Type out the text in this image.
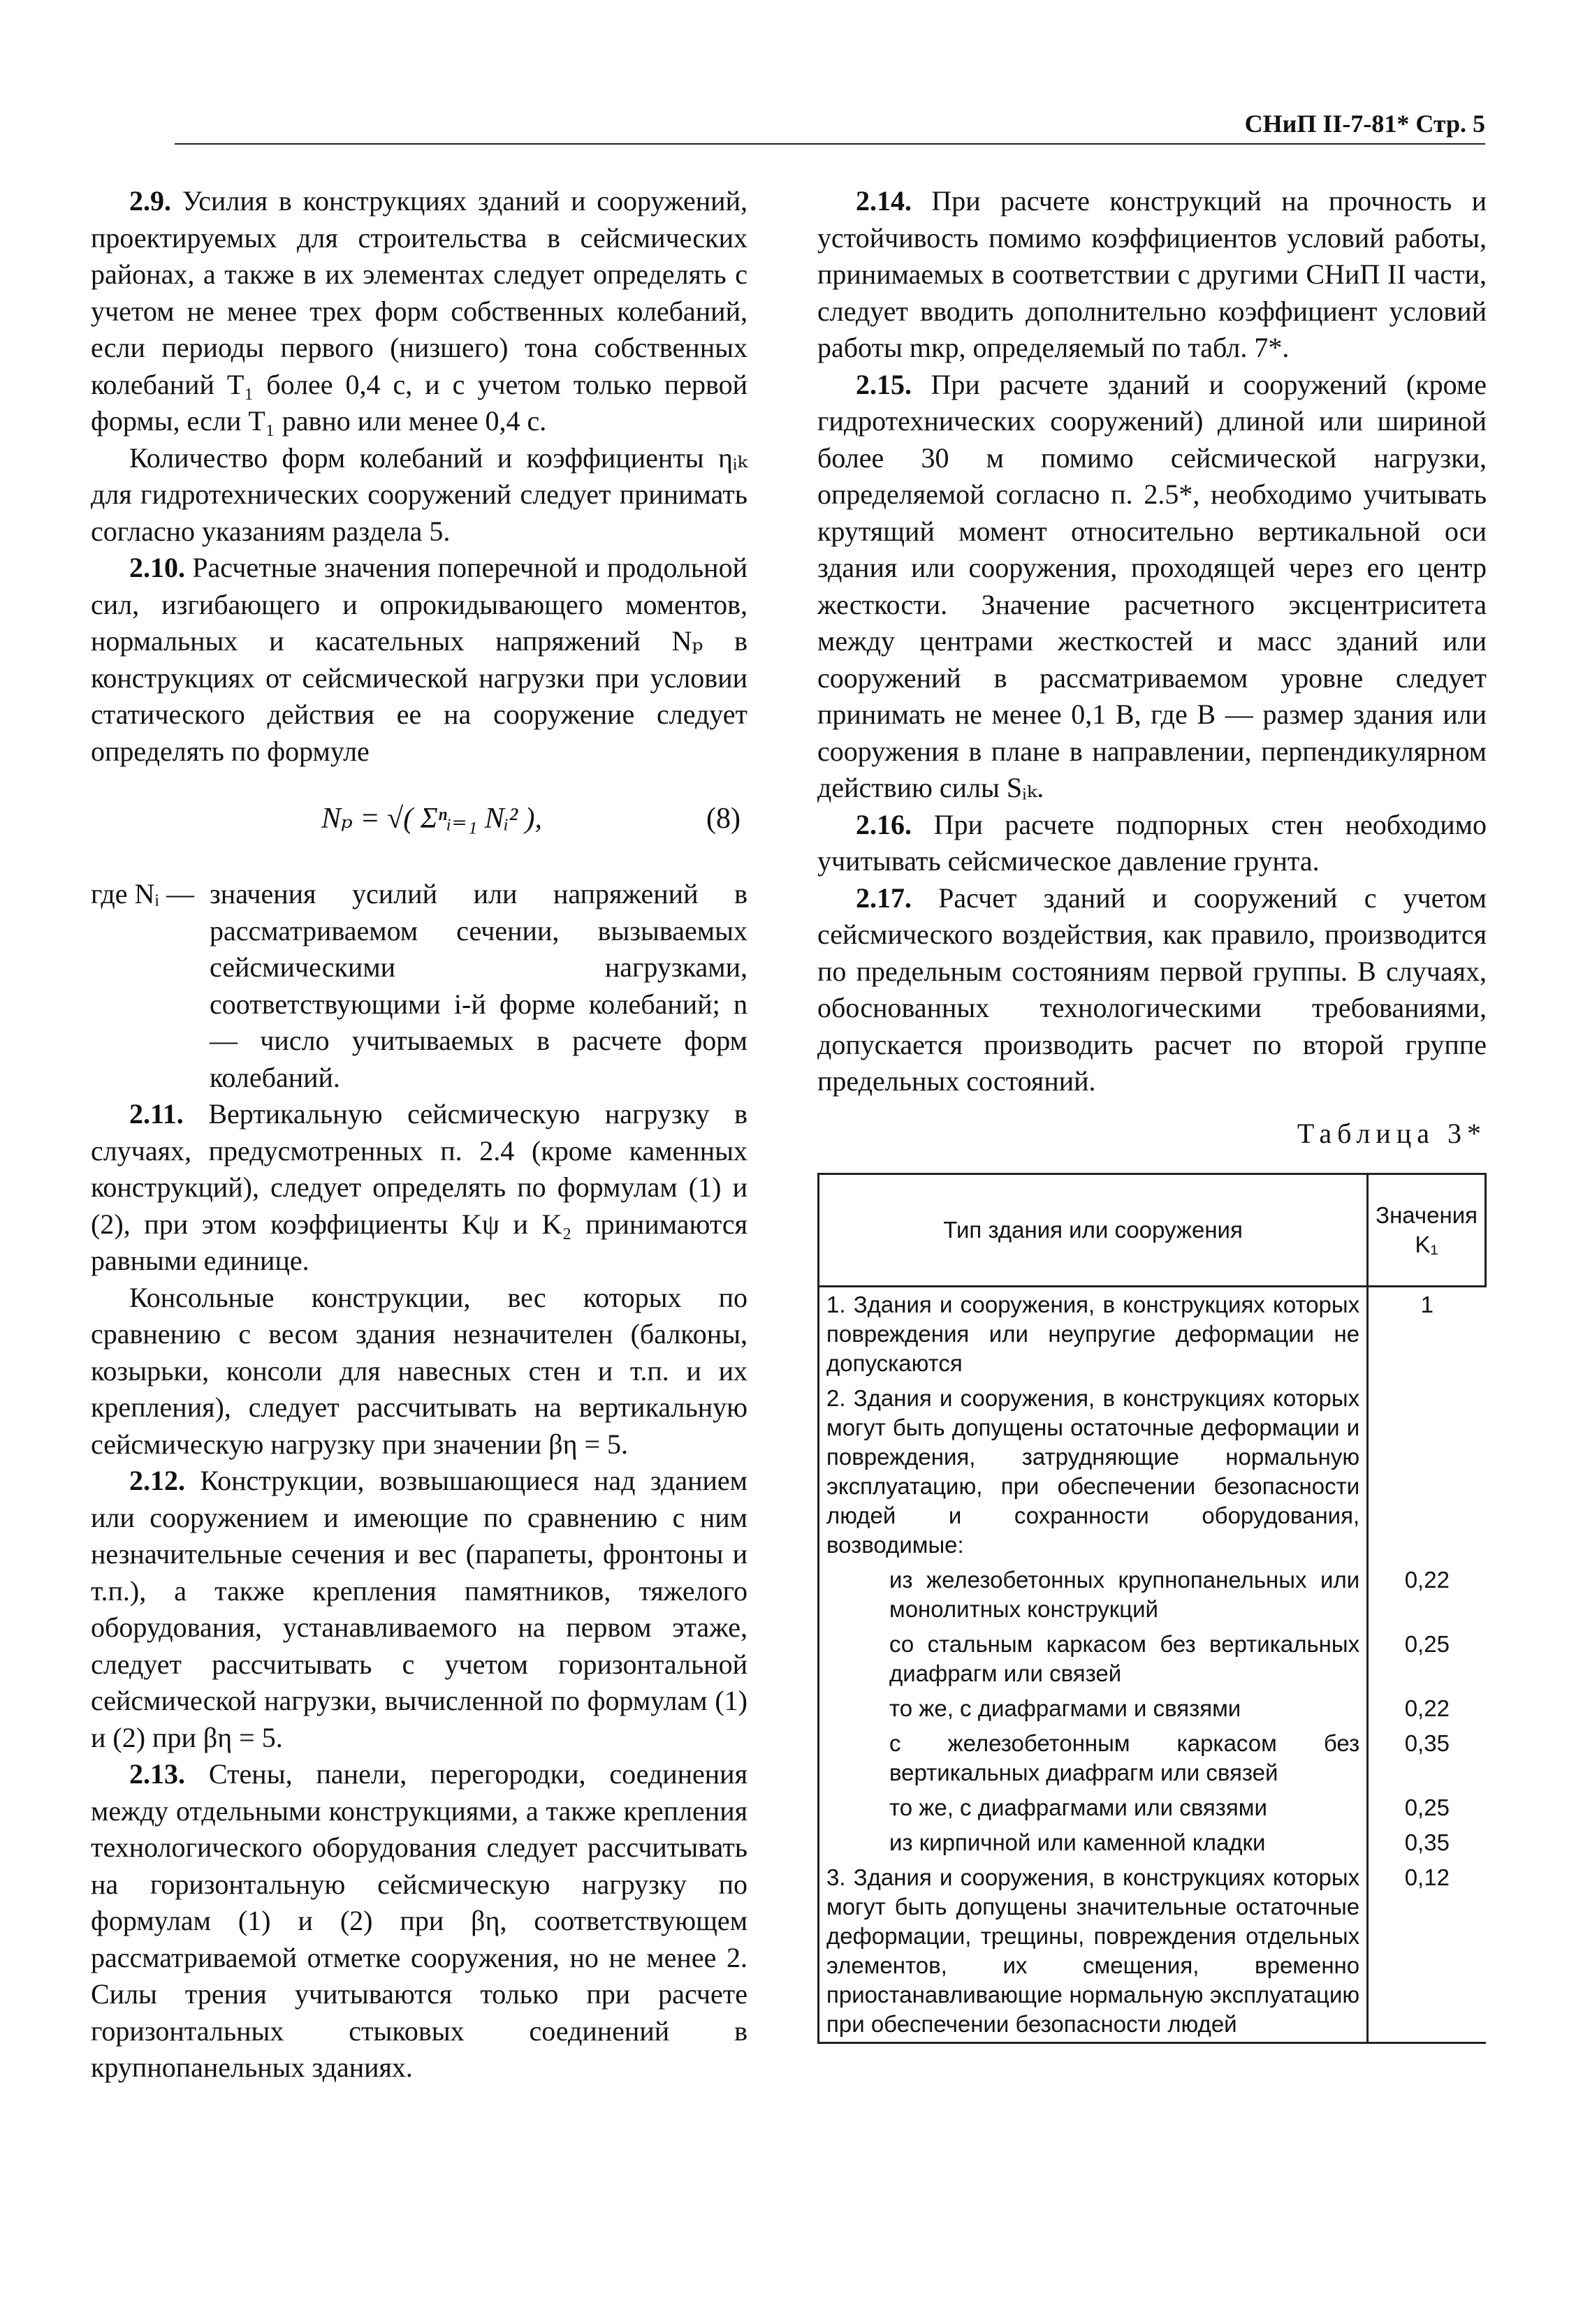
СНиП II-7-81* Стр. 5

2.9. Усилия в конструкциях зданий и сооружений, проектируемых для строительства в сейсмических районах, а также в их элементах следует определять с учетом не менее трех форм собственных колебаний, если периоды первого (низшего) тона собственных колебаний T₁ более 0,4 с, и с учетом только первой формы, если T₁ равно или менее 0,4 с.

Количество форм колебаний и коэффициенты ηᵢₖ для гидротехнических сооружений следует принимать согласно указаниям раздела 5.

2.10. Расчетные значения поперечной и продольной сил, изгибающего и опрокидывающего моментов, нормальных и касательных напряжений Nₚ в конструкциях от сейсмической нагрузки при условии статического действия ее на сооружение следует определять по формуле

Nₚ = √( Σⁿᵢ₌₁ Nᵢ² ),	(8)
где Nᵢ — значения усилий или напряжений в рассматриваемом сечении, вызываемых сейсмическими нагрузками, соответствующими i-й форме колебаний; n — число учитываемых в расчете форм колебаний.

2.11. Вертикальную сейсмическую нагрузку в случаях, предусмотренных п. 2.4 (кроме каменных конструкций), следует определять по формулам (1) и (2), при этом коэффициенты Kψ и K₂ принимаются равными единице.

Консольные конструкции, вес которых по сравнению с весом здания незначителен (балконы, козырьки, консоли для навесных стен и т.п. и их крепления), следует рассчитывать на вертикальную сейсмическую нагрузку при значении βη = 5.

2.12. Конструкции, возвышающиеся над зданием или сооружением и имеющие по сравнению с ним незначительные сечения и вес (парапеты, фронтоны и т.п.), а также крепления памятников, тяжелого оборудования, устанавливаемого на первом этаже, следует рассчитывать с учетом горизонтальной сейсмической нагрузки, вычисленной по формулам (1) и (2) при βη = 5.

2.13. Стены, панели, перегородки, соединения между отдельными конструкциями, а также крепления технологического оборудования следует рассчитывать на горизонтальную сейсмическую нагрузку по формулам (1) и (2) при βη, соответствующем рассматриваемой отметке сооружения, но не менее 2. Силы трения учитываются только при расчете горизонтальных стыковых соединений в крупнопанельных зданиях.

2.14. При расчете конструкций на прочность и устойчивость помимо коэффициентов условий работы, принимаемых в соответствии с другими СНиП II части, следует вводить дополнительно коэффициент условий работы mкр, определяемый по табл. 7*.

2.15. При расчете зданий и сооружений (кроме гидротехнических сооружений) длиной или шириной более 30 м помимо сейсмической нагрузки, определяемой согласно п. 2.5*, необходимо учитывать крутящий момент относительно вертикальной оси здания или сооружения, проходящей через его центр жесткости. Значение расчетного эксцентриситета между центрами жесткостей и масс зданий или сооружений в рассматриваемом уровне следует принимать не менее 0,1 B, где B — размер здания или сооружения в плане в направлении, перпендикулярном действию силы Sᵢₖ.

2.16. При расчете подпорных стен необходимо учитывать сейсмическое давление грунта.

2.17. Расчет зданий и сооружений с учетом сейсмического воздействия, как правило, производится по предельным состояниям первой группы. В случаях, обоснованных технологическими требованиями, допускается производить расчет по второй группе предельных состояний.

Таблица 3*
Тип здания или сооружения	Значения K₁
1. Здания и сооружения, в конструкциях которых повреждения или неупругие деформации не допускаются	1
2. Здания и сооружения, в конструкциях которых могут быть допущены остаточные деформации и повреждения, затрудняющие нормальную эксплуатацию, при обеспечении безопасности людей и сохранности оборудования, возводимые:	
из железобетонных крупнопанельных или монолитных конструкций	0,22
со стальным каркасом без вертикальных диафрагм или связей	0,25
то же, с диафрагмами и связями	0,22
с железобетонным каркасом без вертикальных диафрагм или связей	0,35
то же, с диафрагмами или связями	0,25
из кирпичной или каменной кладки	0,35
3. Здания и сооружения, в конструкциях которых могут быть допущены значительные остаточные деформации, трещины, повреждения отдельных элементов, их смещения, временно приостанавливающие нормальную эксплуатацию при обеспечении безопасности людей	0,12
